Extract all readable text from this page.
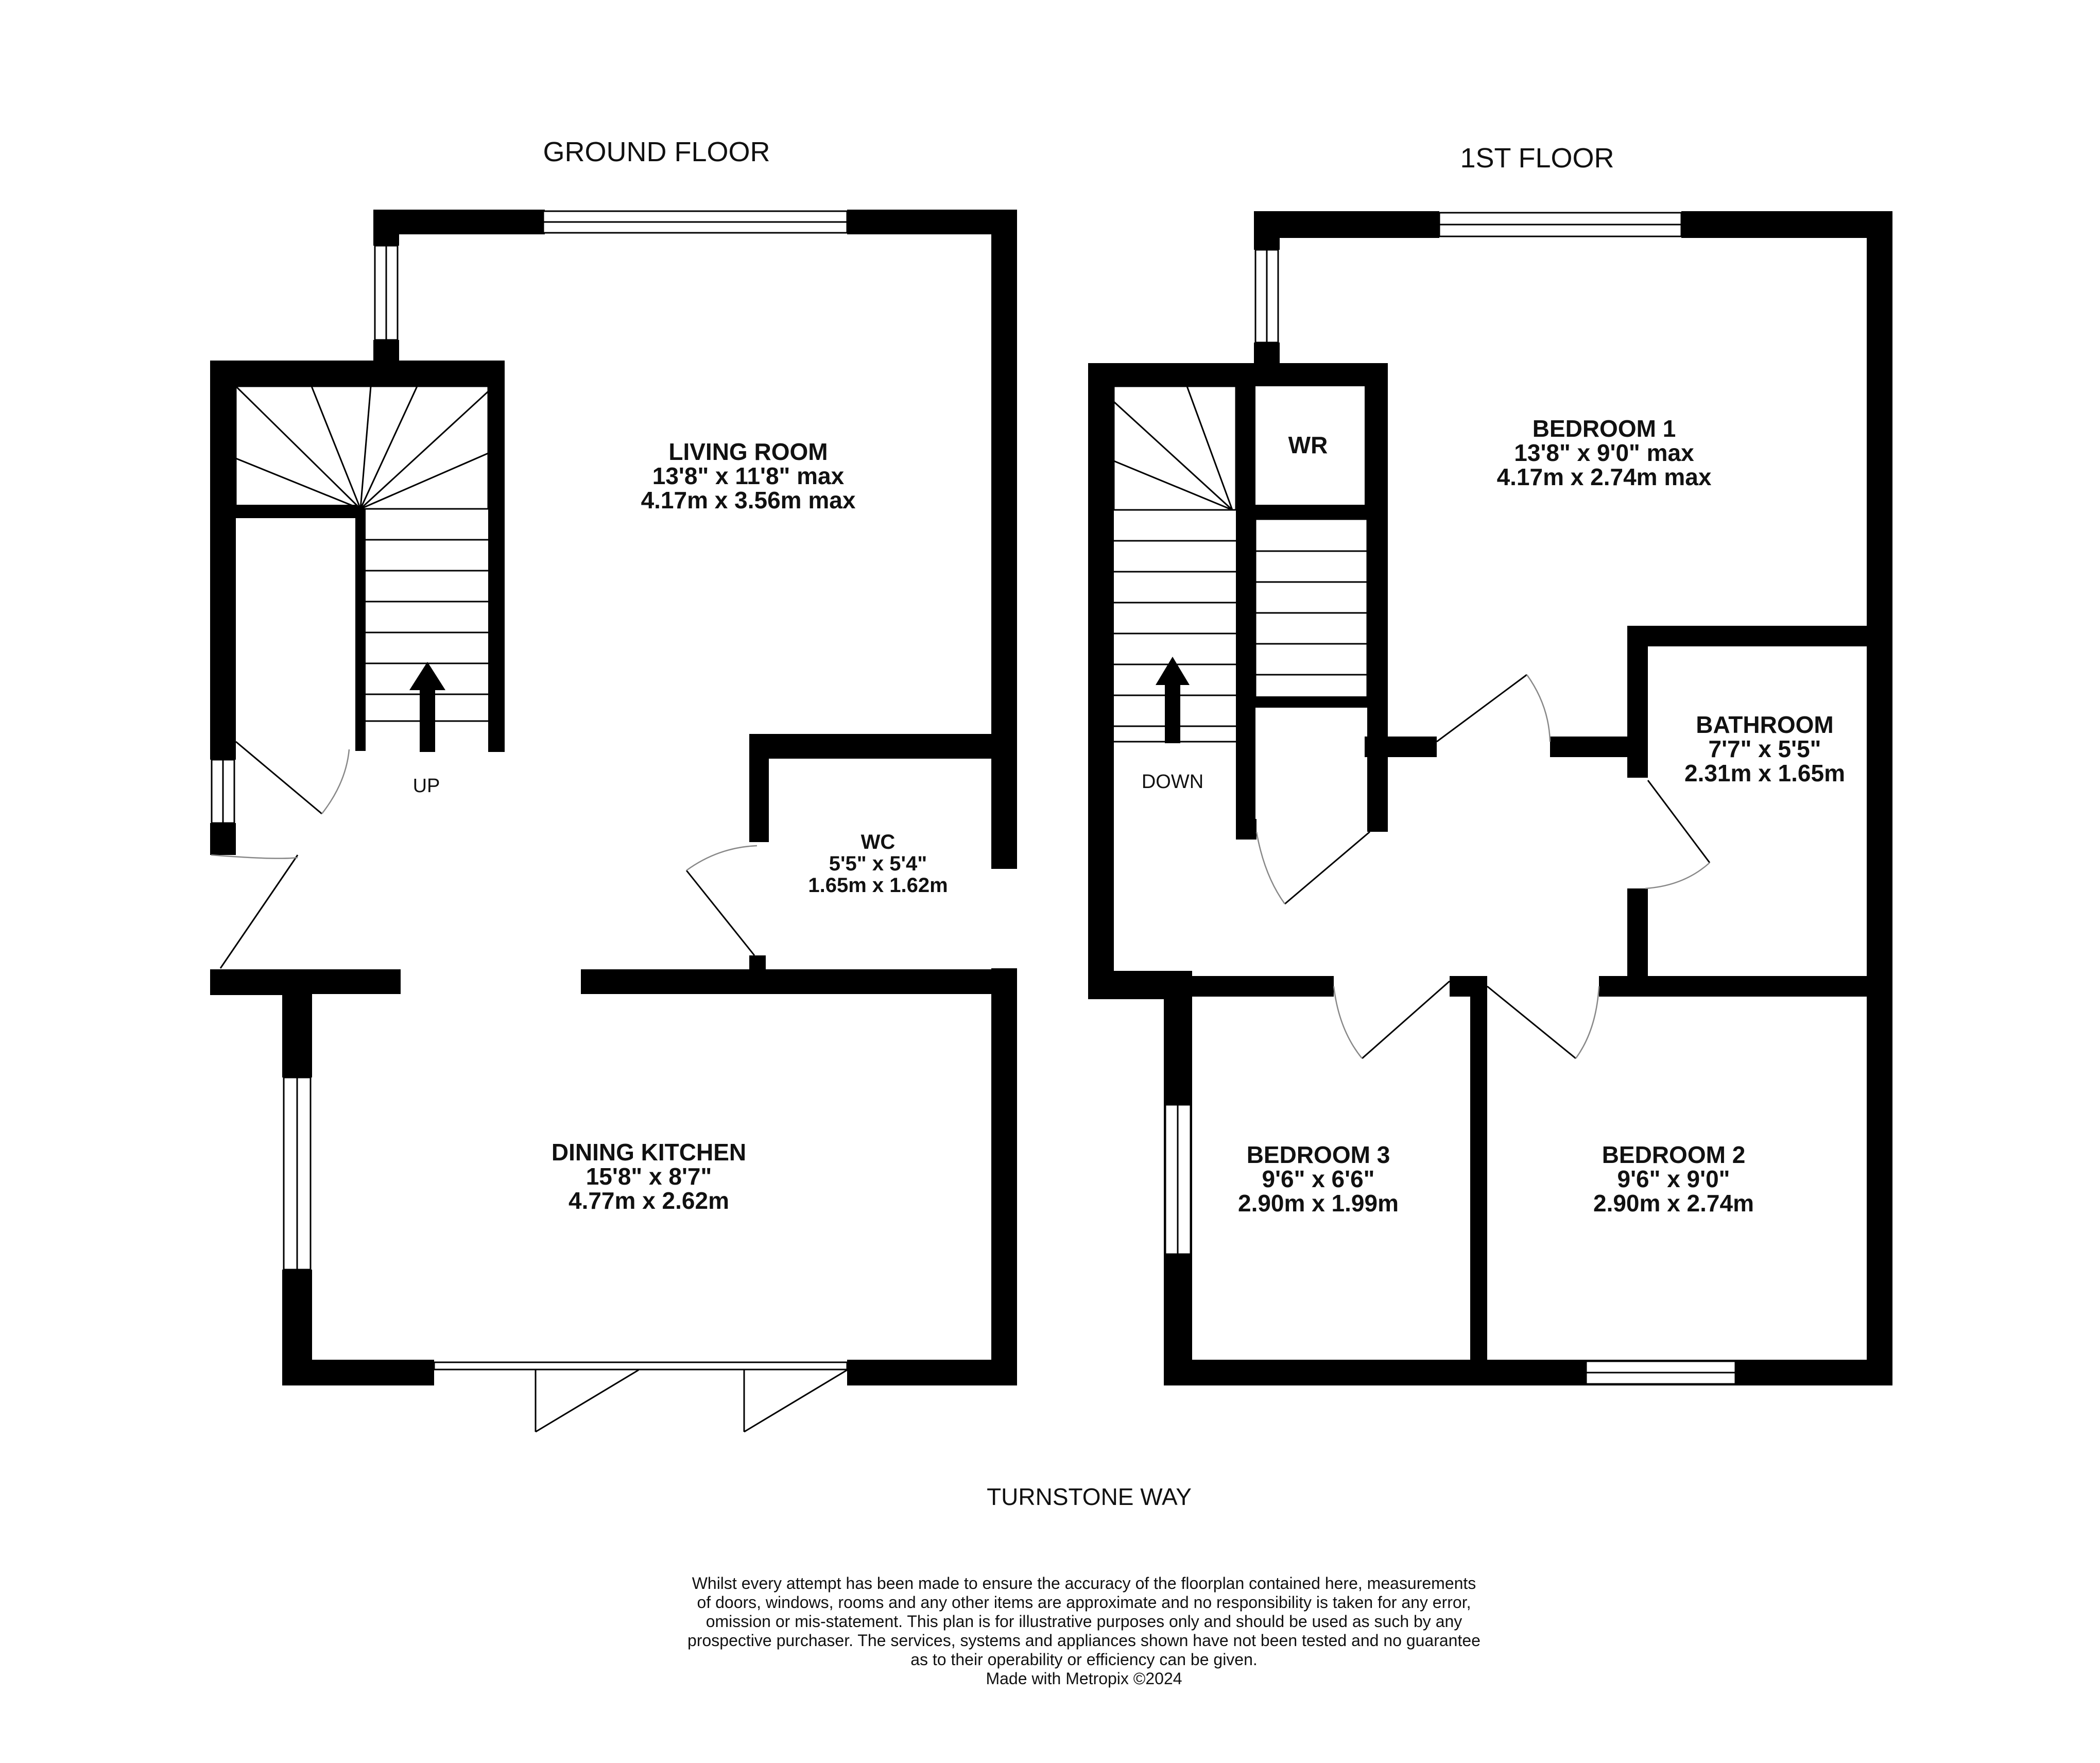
GROUND FLOOR
UP
LIVING ROOM
13'8" x 11'8" max
4.17m x 3.56m max
WC
5'5" x 5'4"
1.65m x 1.62m
DINING KITCHEN
15'8" x 8'7"
4.77m x 2.62m
1ST FLOOR
DOWN
WR
BEDROOM 1
13'8" x 9'0" max
4.17m x 2.74m max
BATHROOM
7'7" x 5'5"
2.31m x 1.65m
BEDROOM 3
9'6" x 6'6"
2.90m x 1.99m
BEDROOM 2
9'6" x 9'0"
2.90m x 2.74m
TURNSTONE WAY
Whilst every attempt has been made to ensure the accuracy of the floorplan contained here, measurements
of doors, windows, rooms and any other items are approximate and no responsibility is taken for any error,
omission or mis-statement. This plan is for illustrative purposes only and should be used as such by any
prospective purchaser. The services, systems and appliances shown have not been tested and no guarantee
as to their operability or efficiency can be given.
Made with Metropix ©2024
